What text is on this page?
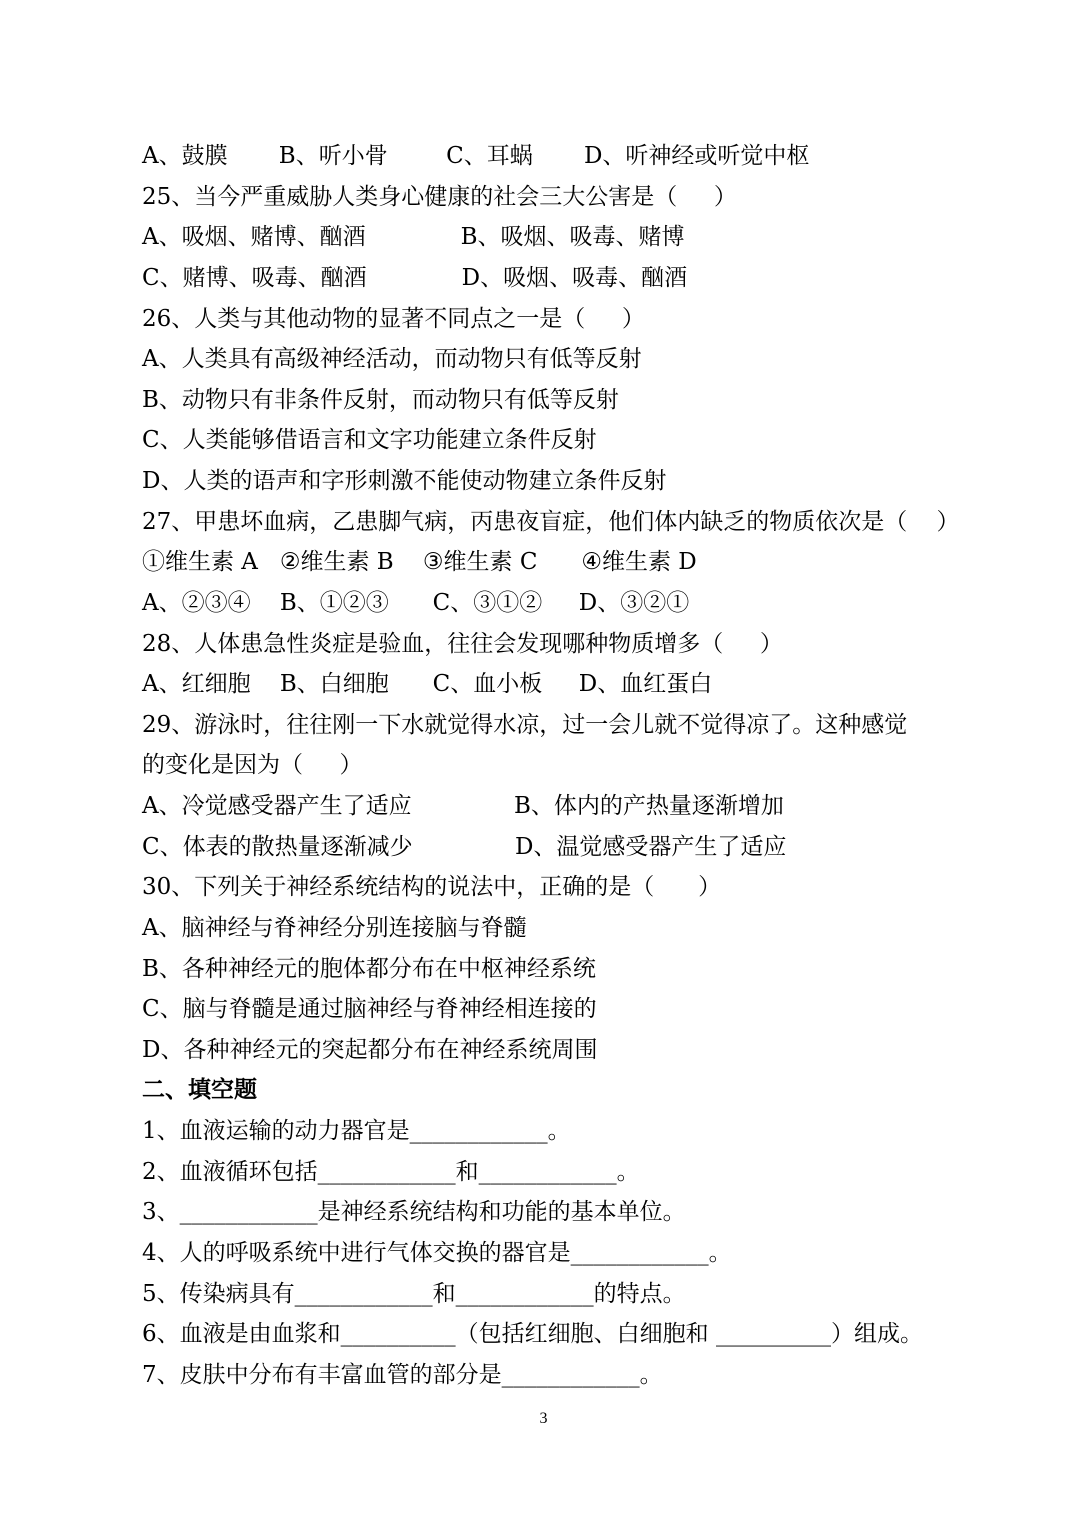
A、鼓膜       B、听小骨        C、耳蜗       D、听神经或听觉中枢
25、当今严重威胁人类身心健康的社会三大公害是（     ）
A、吸烟、赌博、酗酒             B、吸烟、吸毒、赌博
C、赌博、吸毒、酗酒             D、吸烟、吸毒、酗酒
26、人类与其他动物的显著不同点之一是（     ）
A、人类具有高级神经活动，而动物只有低等反射
B、动物只有非条件反射，而动物只有低等反射
C、人类能够借语言和文字功能建立条件反射
D、人类的语声和字形刺激不能使动物建立条件反射
27、甲患坏血病，乙患脚气病，丙患夜盲症，他们体内缺乏的物质依次是（    ）
①维生素 A   ②维生素 B    ③维生素 C      ④维生素 D
A、②③④    B、①②③      C、③①②     D、③②①
28、人体患急性炎症是验血，往往会发现哪种物质增多（     ）
A、红细胞    B、白细胞      C、血小板     D、血红蛋白
29、游泳时，往往刚一下水就觉得水凉，过一会儿就不觉得凉了。这种感觉
的变化是因为（     ）
A、冷觉感受器产生了适应              B、体内的产热量逐渐增加
C、体表的散热量逐渐减少              D、温觉感受器产生了适应
30、下列关于神经系统结构的说法中，正确的是（      ）
A、脑神经与脊神经分别连接脑与脊髓
B、各种神经元的胞体都分布在中枢神经系统
C、脑与脊髓是通过脑神经与脊神经相连接的
D、各种神经元的突起都分布在神经系统周围
二、填空题
1、血液运输的动力器官是____________。
2、血液循环包括____________和____________。
3、____________是神经系统结构和功能的基本单位。
4、人的呼吸系统中进行气体交换的器官是____________。
5、传染病具有____________和____________的特点。
6、血液是由血浆和__________（包括红细胞、白细胞和 __________）组成。
7、皮肤中分布有丰富血管的部分是____________。
3
